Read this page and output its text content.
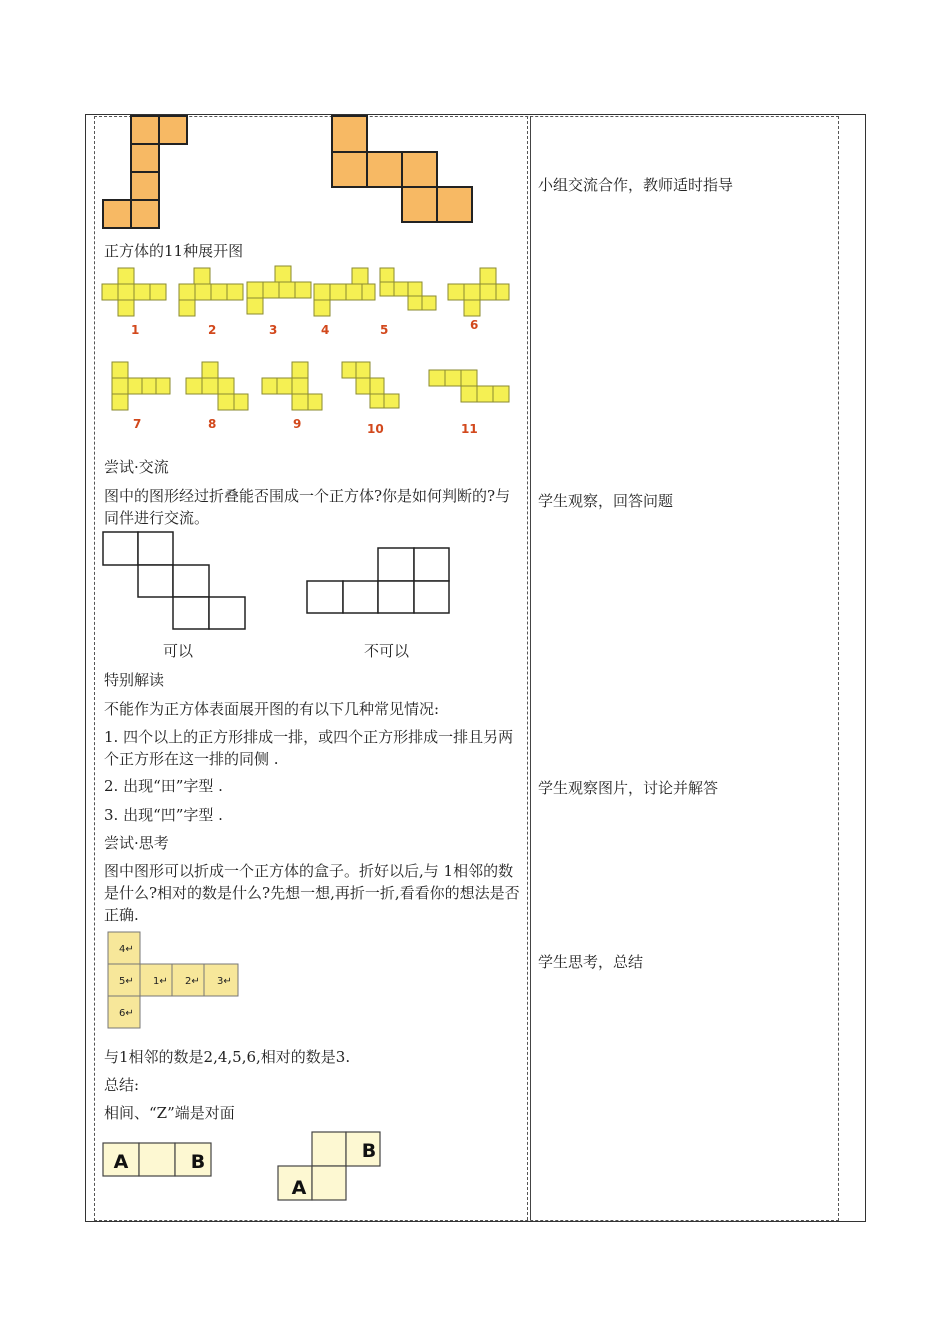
正方体的11种展开图
1	2	3	4	5	6
7	8	9	10	11
尝试·交流
图中的图形经过折叠能否围成一个正方体?你是如何判断的?与同伴进行交流。
可以	不可以
特别解读
不能作为正方体表面展开图的有以下几种常见情况:
1. 四个以上的正方形排成一排，或四个正方形排成一排且另两个正方形在这一排的同侧 .
2. 出现“田”字型 .
3. 出现“凹”字型 .
尝试·思考
图中图形可以折成一个正方体的盒子。折好以后,与 1相邻的数是什么?相对的数是什么?先想一想,再折一折,看看你的想法是否正确.
4↵
5↵ 1↵ 2↵ 3↵
6↵
与1相邻的数是2,4,5,6,相对的数是3.
总结:
相间、“Z”端是对面
A	B	B
A
小组交流合作，教师适时指导
学生观察，回答问题
学生观察图片，讨论并解答
学生思考，总结
